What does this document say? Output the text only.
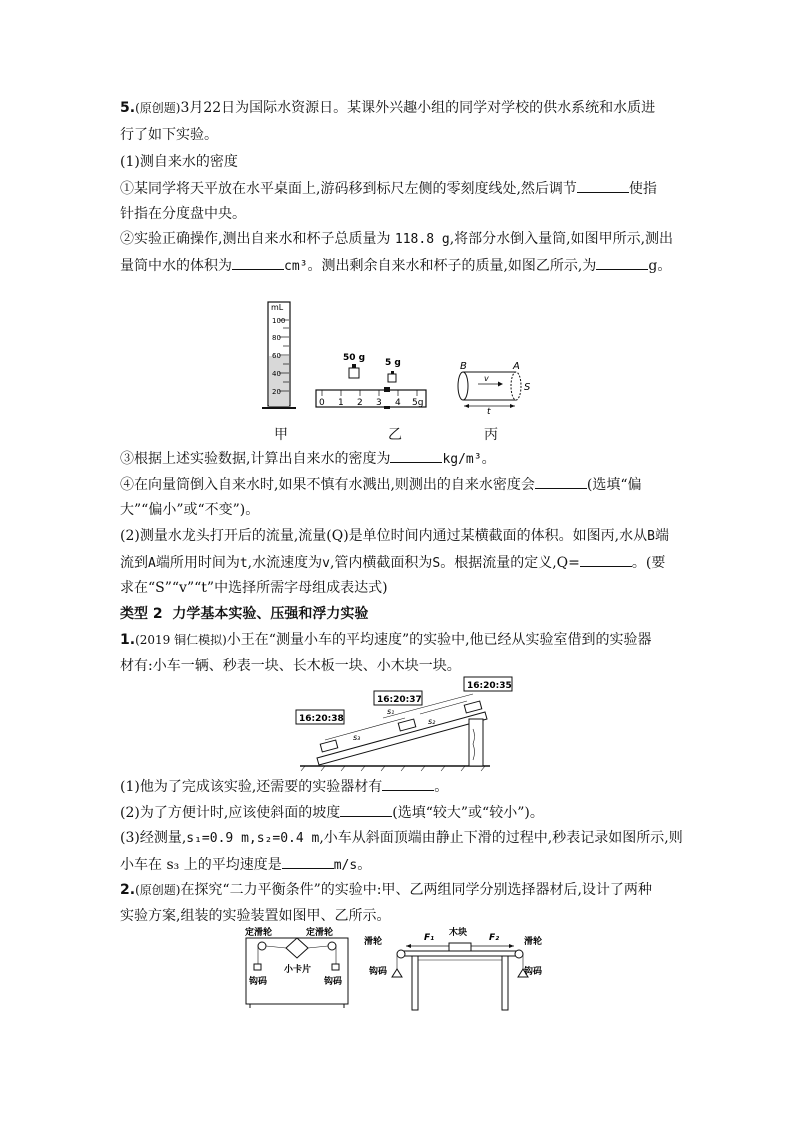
5.(原创题)3月22日为国际水资源日。某课外兴趣小组的同学对学校的供水系统和水质进
行了如下实验。
(1)测自来水的密度
①某同学将天平放在水平桌面上,游码移到标尺左侧的零刻度线处,然后调节	使指
针指在分度盘中央。
②实验正确操作,测出自来水和杯子总质量为 118.8 g,将部分水倒入量筒,如图甲所示,测出
量筒中水的体积为	cm³。测出剩余自来水和杯子的质量,如图乙所示,为	g。
mL
100
80
60
40
20
50 g 5 g
0 1 2 3 4 5g
v
t
B	A
S
甲	乙	丙
③根据上述实验数据,计算出自来水的密度为	kg/m³。
④在向量筒倒入自来水时,如果不慎有水溅出,则测出的自来水密度会	(选填“偏
大”“偏小”或“不变”)。
(2)测量水龙头打开后的流量,流量(Q)是单位时间内通过某横截面的体积。如图丙,水从B端
流到A端所用时间为t,水流速度为v,管内横截面积为S。根据流量的定义,Q=	。(要
求在“S”“v”“t”中选择所需字母组成表达式)
类型 2 力学基本实验、压强和浮力实验
1.(2019 铜仁模拟)小王在“测量小车的平均速度”的实验中,他已经从实验室借到的实验器
材有:小车一辆、秒表一块、长木板一块、小木块一块。
16:20:38
16:20:37
16:20:35
s₃
s₁
s₂
(1)他为了完成该实验,还需要的实验器材有	。
(2)为了方便计时,应该使斜面的坡度	(选填“较大”或“较小”)。
(3)经测量,s₁=0.9 m,s₂=0.4 m,小车从斜面顶端由静止下滑的过程中,秒表记录如图所示,则
小车在 s₃ 上的平均速度是	m/s。
2.(原创题)在探究“二力平衡条件”的实验中:甲、乙两组同学分别选择器材后,设计了两种
实验方案,组装的实验装置如图甲、乙所示。
定滑轮	定滑轮
小卡片
钩码	钩码
滑轮	滑轮
木块
F₁	F₂
钩码	钩码
